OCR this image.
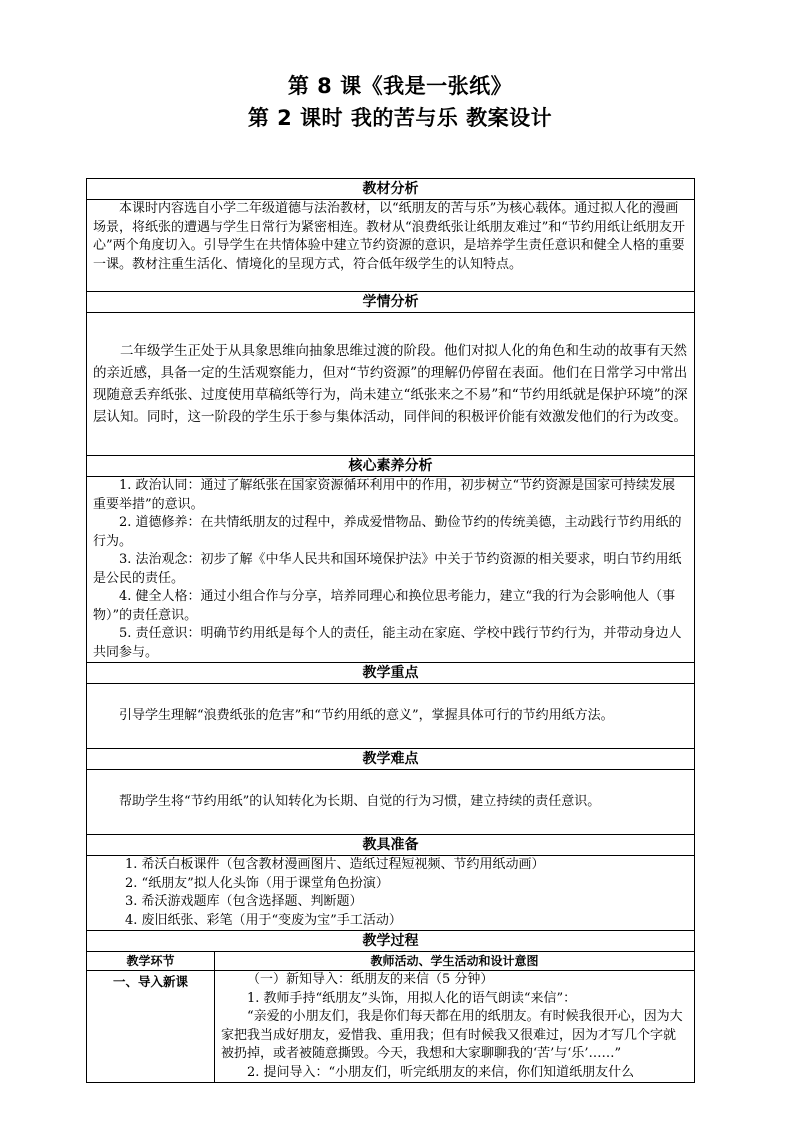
第 8 课《我是一张纸》
第 2 课时 我的苦与乐 教案设计
教材分析	

本课时内容选自小学二年级道德与法治教材，以“纸朋友的苦与乐”为核心载体。通过拟人化的漫画场景，将纸张的遭遇与学生日常行为紧密相连。教材从“浪费纸张让纸朋友难过”和“节约用纸让纸朋友开心”两个角度切入。引导学生在共情体验中建立节约资源的意识，是培养学生责任意识和健全人格的重要一课。教材注重生活化、情境化的呈现方式，符合低年级学生的认知特点。	

学情分析	

二年级学生正处于从具象思维向抽象思维过渡的阶段。他们对拟人化的角色和生动的故事有天然的亲近感，具备一定的生活观察能力，但对“节约资源”的理解仍停留在表面。他们在日常学习中常出现随意丢弃纸张、过度使用草稿纸等行为，尚未建立“纸张来之不易”和“节约用纸就是保护环境”的深层认知。同时，这一阶段的学生乐于参与集体活动，同伴间的积极评价能有效激发他们的行为改变。	

核心素养分析	

1. 政治认同：通过了解纸张在国家资源循环利用中的作用，初步树立“节约资源是国家可持续发展重要举措”的意识。

2. 道德修养：在共情纸朋友的过程中，养成爱惜物品、勤俭节约的传统美德，主动践行节约用纸的行为。

3. 法治观念：初步了解《中华人民共和国环境保护法》中关于节约资源的相关要求，明白节约用纸是公民的责任。

4. 健全人格：通过小组合作与分享，培养同理心和换位思考能力，建立“我的行为会影响他人（事物）”的责任意识。

5. 责任意识：明确节约用纸是每个人的责任，能主动在家庭、学校中践行节约行为，并带动身边人共同参与。	

教学重点	

引导学生理解“浪费纸张的危害”和“节约用纸的意义”，掌握具体可行的节约用纸方法。	

教学难点	

帮助学生将“节约用纸”的认知转化为长期、自觉的行为习惯，建立持续的责任意识。	

教具准备	

1. 希沃白板课件（包含教材漫画图片、造纸过程短视频、节约用纸动画）

2. “纸朋友”拟人化头饰（用于课堂角色扮演）

3. 希沃游戏题库（包含选择题、判断题）

4. 废旧纸张、彩笔（用于“变废为宝”手工活动）	

教学过程	
教学环节	教师活动、学生活动和设计意图
一、导入新课	（一）新知导入：纸朋友的来信（5 分钟）

1. 教师手持“纸朋友”头饰，用拟人化的语气朗读“来信”：

“亲爱的小朋友们，我是你们每天都在用的纸朋友。有时候我很开心，因为大家把我当成好朋友，爱惜我、重用我；但有时候我又很难过，因为才写几个字就被扔掉，或者被随意撕毁。今天，我想和大家聊聊我的‘苦’与‘乐’……”

2. 提问导入：“小朋友们，听完纸朋友的来信，你们知道纸朋友什么
